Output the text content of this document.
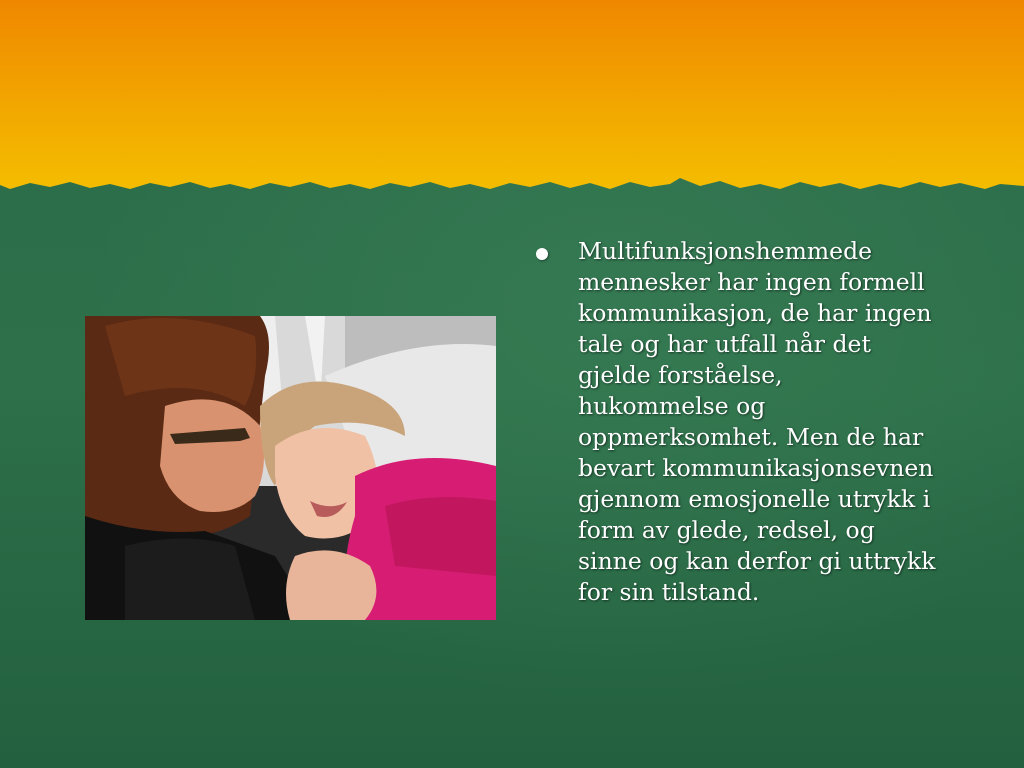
Multifunksjonshemmede mennesker har ingen formell kommunikasjon, de har ingen tale og har utfall når det gjelde forståelse, hukommelse og oppmerksomhet. Men de har bevart kommunikasjonsevnen gjennom emosjonelle utrykk i form av glede, redsel, og sinne og kan derfor gi uttrykk for sin tilstand.
